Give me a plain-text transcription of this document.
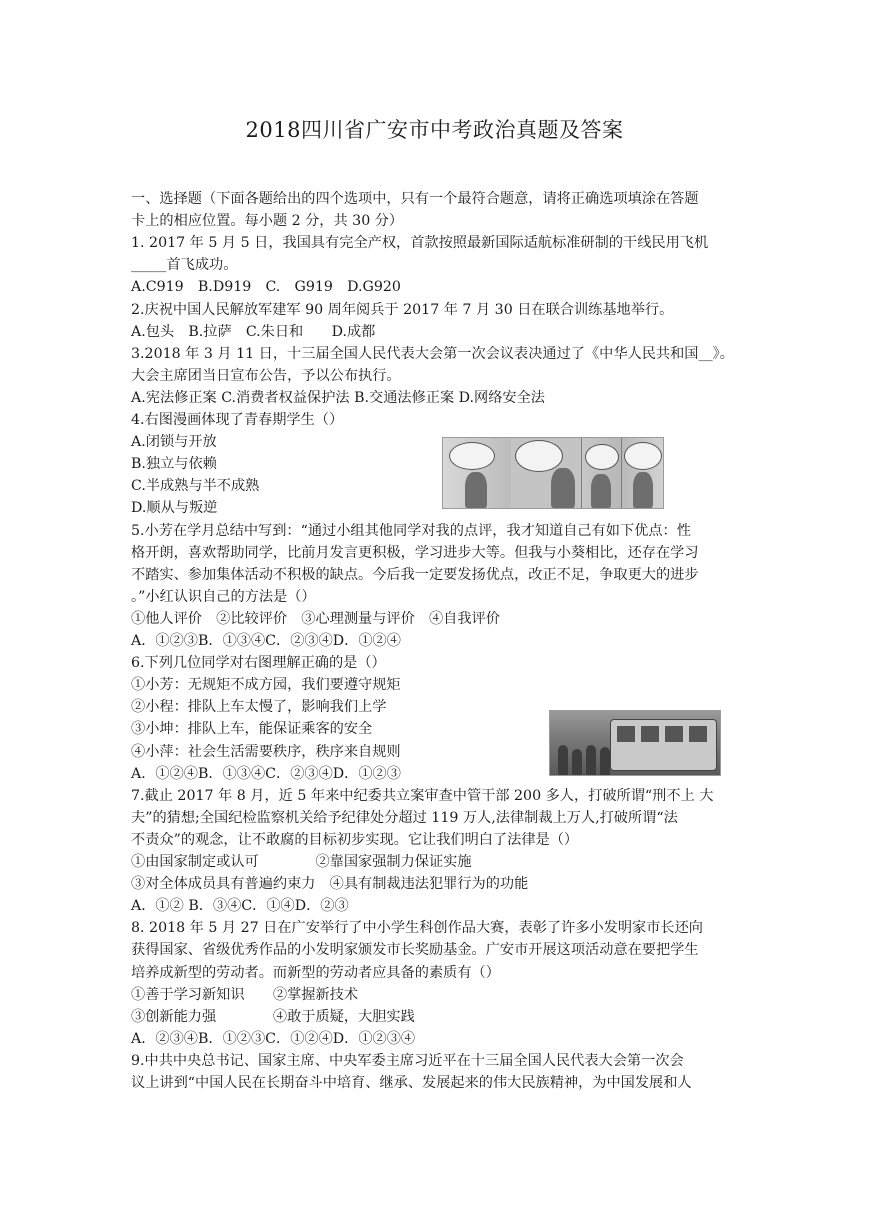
2018四川省广安市中考政治真题及答案
一、选择题（下面各题给出的四个选项中，只有一个最符合题意，请将正确选项填涂在答题
卡上的相应位置。每小题 2 分，共 30 分）
1. 2017 年 5 月 5 日，我国具有完全产权，首款按照最新国际适航标准研制的干线民用飞机
_____首飞成功。
A.C919　B.D919　C.　G919　D.G920
2.庆祝中国人民解放军建军 90 周年阅兵于 2017 年 7 月 30 日在联合训练基地举行。
A.包头　B.拉萨　C.朱日和　　D.成都
3.2018 年 3 月 11 日，十三届全国人民代表大会第一次会议表决通过了《中华人民共和国__》。
大会主席团当日宣布公告，予以公布执行。
A.宪法修正案 C.消费者权益保护法 B.交通法修正案 D.网络安全法
4.右图漫画体现了青春期学生（）
A.闭锁与开放
B.独立与依赖
C.半成熟与半不成熟
D.顺从与叛逆
5.小芳在学月总结中写到：“通过小组其他同学对我的点评，我才知道自己有如下优点：性
格开朗，喜欢帮助同学，比前月发言更积极，学习进步大等。但我与小葵相比，还存在学习
不踏实、参加集体活动不积极的缺点。今后我一定要发扬优点，改正不足，争取更大的进步
。”小红认识自己的方法是（）
①他人评价　②比较评价　③心理测量与评价　④自我评价
A．①②③B．①③④C．②③④D．①②④
6.下列几位同学对右图理解正确的是（）
①小芳：无规矩不成方园，我们要遵守规矩
②小程：排队上车太慢了，影响我们上学
③小坤：排队上车，能保证乘客的安全
④小萍：社会生活需要秩序，秩序来自规则
A．①②④B．①③④C．②③④D．①②③
7.截止 2017 年 8 月，近 5 年来中纪委共立案审查中管干部 200 多人，打破所谓“刑不上 大
夫”的猜想;全国纪检监察机关给予纪律处分超过 119 万人,法律制裁上万人,打破所谓“法
不责众”的观念，让不敢腐的目标初步实现。它让我们明白了法律是（）
①由国家制定或认可　　　　②靠国家强制力保证实施
③对全体成员具有普遍约束力　④具有制裁违法犯罪行为的功能
A．①② B．③④C．①④D．②③
8. 2018 年 5 月 27 日在广安举行了中小学生科创作品大赛，表彰了许多小发明家市长还向
获得国家、省级优秀作品的小发明家颁发市长奖励基金。广安市开展这项活动意在要把学生
培养成新型的劳动者。而新型的劳动者应具备的素质有（）
①善于学习新知识　　②掌握新技术
③创新能力强　　　　④敢于质疑，大胆实践
A．②③④B．①②③C．①②④D．①②③④
9.中共中央总书记、国家主席、中央军委主席习近平在十三届全国人民代表大会第一次会
议上讲到“中国人民在长期奋斗中培育、继承、发展起来的伟大民族精神，为中国发展和人
